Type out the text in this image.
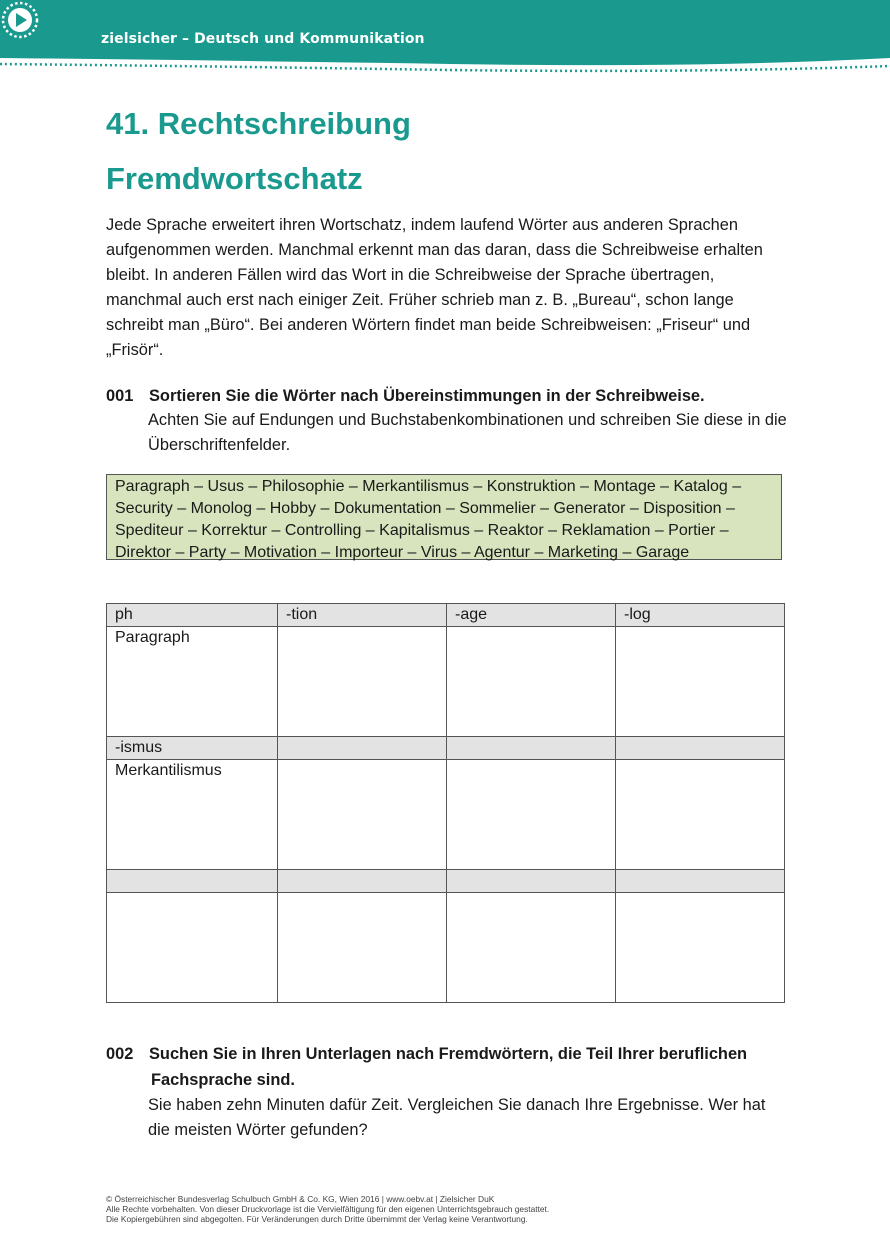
zielsicher – Deutsch und Kommunikation
41. Rechtschreibung
Fremdwortschatz

Jede Sprache erweitert ihren Wortschatz, indem laufend Wörter aus anderen Sprachen
aufgenommen werden. Manchmal erkennt man das daran, dass die Schreibweise erhalten
bleibt. In anderen Fällen wird das Wort in die Schreibweise der Sprache übertragen,
manchmal auch erst nach einiger Zeit. Früher schrieb man z. B. „Bureau“, schon lange
schreibt man „Büro“. Bei anderen Wörtern findet man beide Schreibweisen: „Friseur“ und
„Frisör“.

001 Sortieren Sie die Wörter nach Übereinstimmungen in der Schreibweise.
Achten Sie auf Endungen und Buchstabenkombinationen und schreiben Sie diese in die
Überschriftenfelder.
Paragraph – Usus – Philosophie – Merkantilismus – Konstruktion – Montage – Katalog –
Security – Monolog – Hobby – Dokumentation – Sommelier – Generator – Disposition –
Spediteur – Korrektur – Controlling – Kapitalismus – Reaktor – Reklamation – Portier –
Direktor – Party – Motivation – Importeur – Virus – Agentur – Marketing – Garage
ph	-tion	-age	-log
Paragraph			
-ismus			
Merkantilismus			

002 Suchen Sie in Ihren Unterlagen nach Fremdwörtern, die Teil Ihrer beruflichen
Fachsprache sind.
Sie haben zehn Minuten dafür Zeit. Vergleichen Sie danach Ihre Ergebnisse. Wer hat
die meisten Wörter gefunden?
© Österreichischer Bundesverlag Schulbuch GmbH & Co. KG, Wien 2016 | www.oebv.at | Zielsicher DuK
Alle Rechte vorbehalten. Von dieser Druckvorlage ist die Vervielfältigung für den eigenen Unterrichtsgebrauch gestattet.
Die Kopiergebühren sind abgegolten. Für Veränderungen durch Dritte übernimmt der Verlag keine Verantwortung.
